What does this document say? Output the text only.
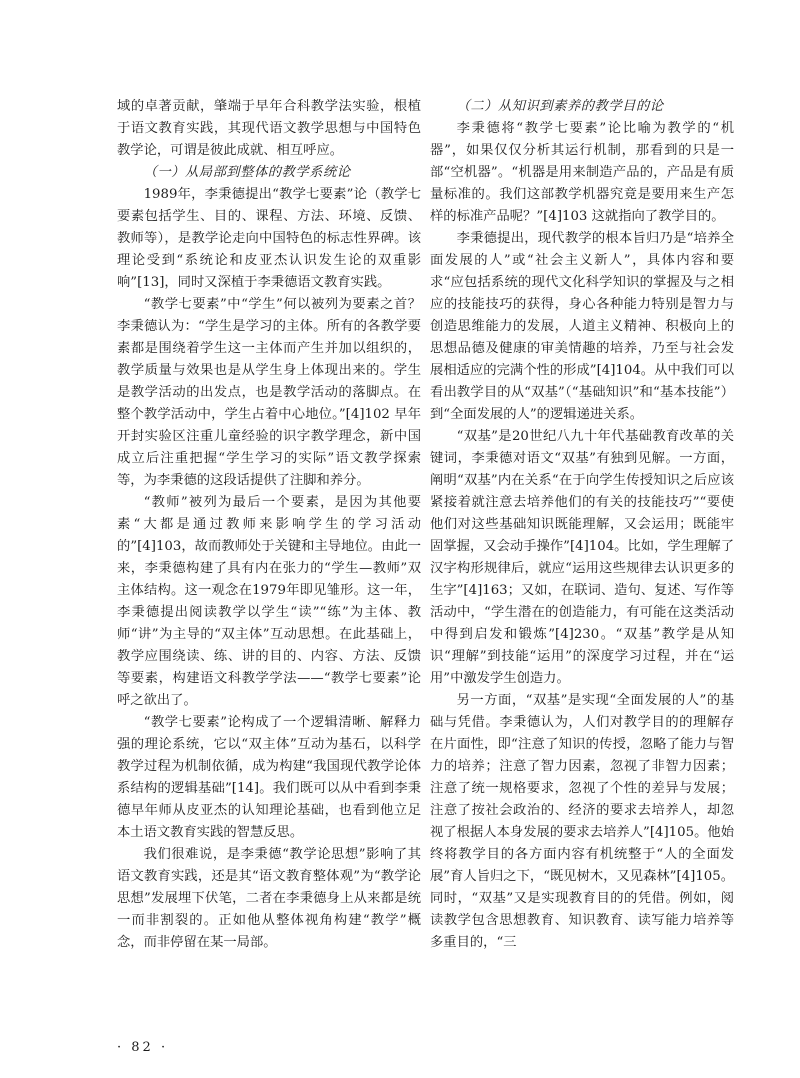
域的卓著贡献，肇端于早年合科教学法实验，根植于语文教育实践，其现代语文教学思想与中国特色教学论，可谓是彼此成就、相互呼应。

（一）从局部到整体的教学系统论

1989年，李秉德提出“教学七要素”论（教学七要素包括学生、目的、课程、方法、环境、反馈、教师等），是教学论走向中国特色的标志性界碑。该理论受到“系统论和皮亚杰认识发生论的双重影响”[13]，同时又深植于李秉德语文教育实践。

“教学七要素”中“学生”何以被列为要素之首？李秉德认为：“学生是学习的主体。所有的各教学要素都是围绕着学生这一主体而产生并加以组织的，教学质量与效果也是从学生身上体现出来的。学生是教学活动的出发点，也是教学活动的落脚点。在整个教学活动中，学生占着中心地位。”[4]102 早年开封实验区注重儿童经验的识字教学理念，新中国成立后注重把握“学生学习的实际”语文教学探索等，为李秉德的这段话提供了注脚和养分。

“教师”被列为最后一个要素，是因为其他要素“大都是通过教师来影响学生的学习活动的”[4]103，故而教师处于关键和主导地位。由此一来，李秉德构建了具有内在张力的“学生—教师”双主体结构。这一观念在1979年即见雏形。这一年，李秉德提出阅读教学以学生“读”“练”为主体、教师“讲”为主导的“双主体”互动思想。在此基础上，教学应围绕读、练、讲的目的、内容、方法、反馈等要素，构建语文科教学学法——“教学七要素”论呼之欲出了。

“教学七要素”论构成了一个逻辑清晰、解释力强的理论系统，它以“双主体”互动为基石，以科学教学过程为机制依循，成为构建“我国现代教学论体系结构的逻辑基础”[14]。我们既可以从中看到李秉德早年师从皮亚杰的认知理论基础，也看到他立足本土语文教育实践的智慧反思。

我们很难说，是李秉德“教学论思想”影响了其语文教育实践，还是其“语文教育整体观”为“教学论思想”发展埋下伏笔，二者在李秉德身上从来都是统一而非割裂的。正如他从整体视角构建“教学”概念，而非停留在某一局部。

（二）从知识到素养的教学目的论

李秉德将“教学七要素”论比喻为教学的“机器”，如果仅仅分析其运行机制，那看到的只是一部“空机器”。“机器是用来制造产品的，产品是有质量标准的。我们这部教学机器究竟是要用来生产怎样的标准产品呢？”[4]103 这就指向了教学目的。

李秉德提出，现代教学的根本旨归乃是“培养全面发展的人”或“社会主义新人”，具体内容和要求“应包括系统的现代文化科学知识的掌握及与之相应的技能技巧的获得，身心各种能力特别是智力与创造思维能力的发展，人道主义精神、积极向上的思想品德及健康的审美情趣的培养，乃至与社会发展相适应的完满个性的形成”[4]104。从中我们可以看出教学目的从“双基”（“基础知识”和“基本技能”）到“全面发展的人”的逻辑递进关系。

“双基”是20世纪八九十年代基础教育改革的关键词，李秉德对语文“双基”有独到见解。一方面，阐明“双基”内在关系“在于向学生传授知识之后应该紧接着就注意去培养他们的有关的技能技巧”“要使他们对这些基础知识既能理解，又会运用；既能牢固掌握，又会动手操作”[4]104。比如，学生理解了汉字构形规律后，就应“运用这些规律去认识更多的生字”[4]163；又如，在联词、造句、复述、写作等活动中，“学生潜在的创造能力，有可能在这类活动中得到启发和锻炼”[4]230。“双基”教学是从知识“理解”到技能“运用”的深度学习过程，并在“运用”中激发学生创造力。

另一方面，“双基”是实现“全面发展的人”的基础与凭借。李秉德认为，人们对教学目的的理解存在片面性，即“注意了知识的传授，忽略了能力与智力的培养；注意了智力因素，忽视了非智力因素；注意了统一规格要求，忽视了个性的差异与发展；注意了按社会政治的、经济的要求去培养人，却忽视了根据人本身发展的要求去培养人”[4]105。他始终将教学目的各方面内容有机统整于“人的全面发展”育人旨归之下，“既见树木，又见森林”[4]105。同时，“双基”又是实现教育目的的凭借。例如，阅读教学包含思想教育、知识教育、读写能力培养等多重目的，“三

· 82 ·
